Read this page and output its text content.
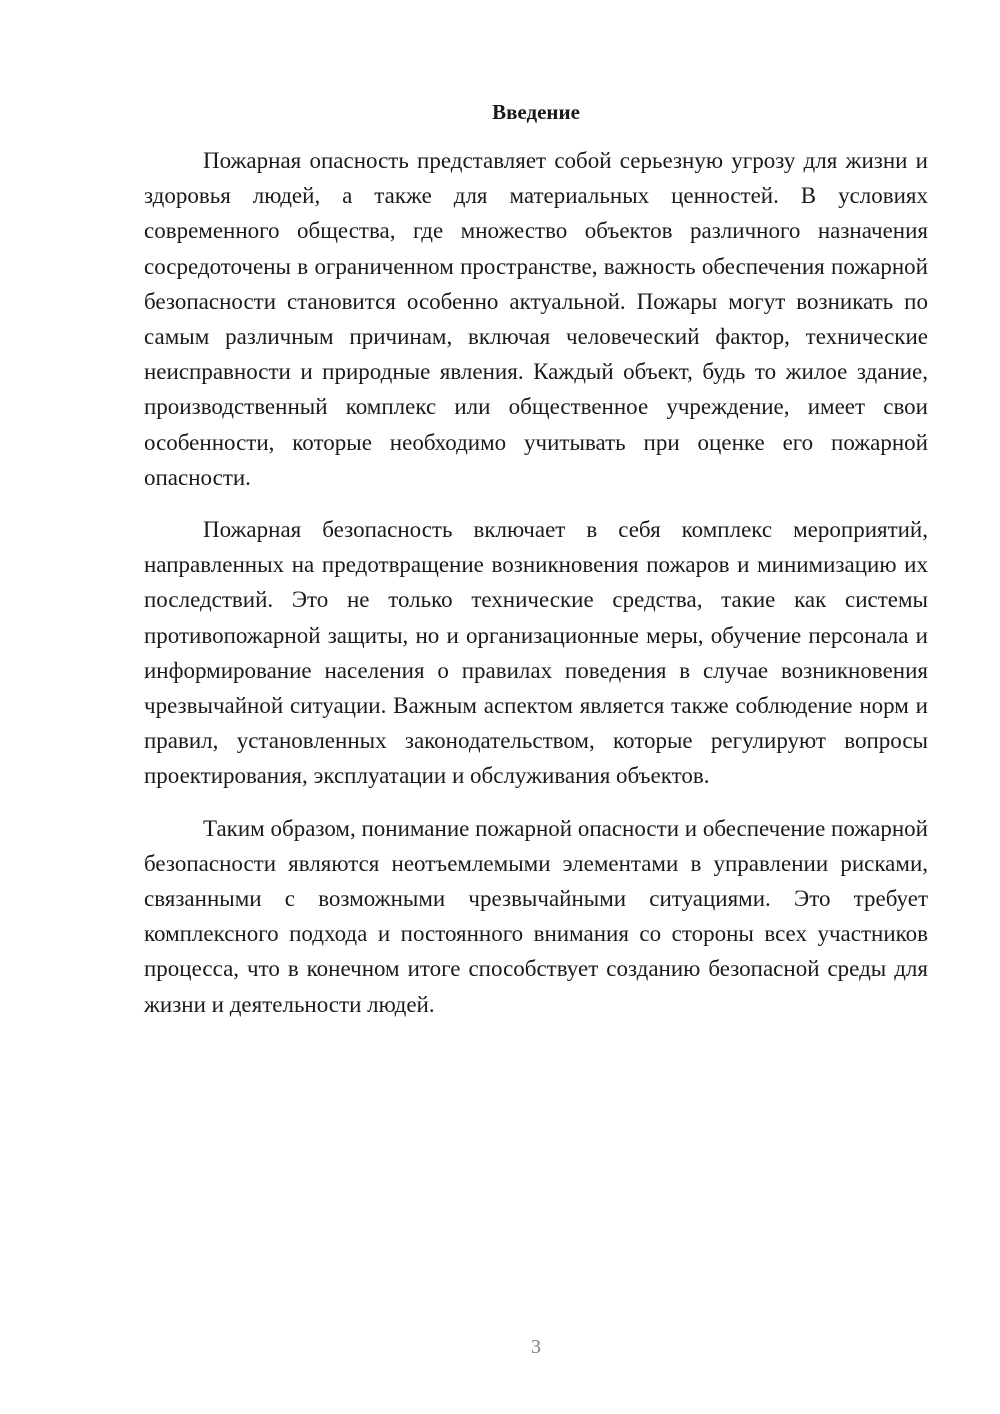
Введение

Пожарная опасность представляет собой серьезную угрозу для жизни и здоровья людей, а также для материальных ценностей. В условиях современного общества, где множество объектов различного назначения сосредоточены в ограниченном пространстве, важность обеспечения пожарной безопасности становится особенно актуальной. Пожары могут возникать по самым различным причинам, включая человеческий фактор, технические неисправности и природные явления. Каждый объект, будь то жилое здание, производственный комплекс или общественное учреждение, имеет свои особенности, которые необходимо учитывать при оценке его пожарной опасности.

Пожарная безопасность включает в себя комплекс мероприятий, направленных на предотвращение возникновения пожаров и минимизацию их последствий. Это не только технические средства, такие как системы противопожарной защиты, но и организационные меры, обучение персонала и информирование населения о правилах поведения в случае возникновения чрезвычайной ситуации. Важным аспектом является также соблюдение норм и правил, установленных законодательством, которые регулируют вопросы проектирования, эксплуатации и обслуживания объектов.

Таким образом, понимание пожарной опасности и обеспечение пожарной безопасности являются неотъемлемыми элементами в управлении рисками, связанными с возможными чрезвычайными ситуациями. Это требует комплексного подхода и постоянного внимания со стороны всех участников процесса, что в конечном итоге способствует созданию безопасной среды для жизни и деятельности людей.

3
